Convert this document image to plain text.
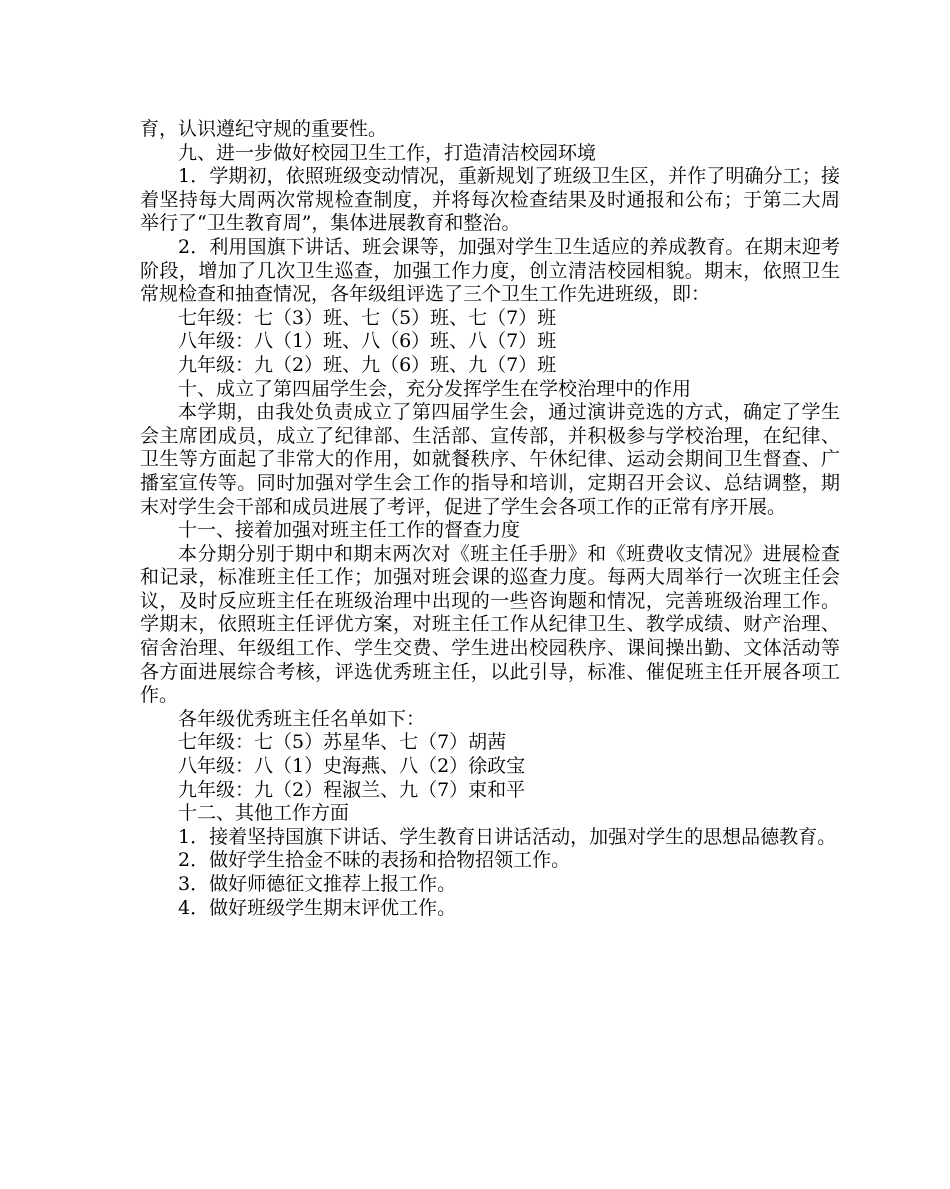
育，认识遵纪守规的重要性。

九、进一步做好校园卫生工作，打造清洁校园环境

1．学期初，依照班级变动情况，重新规划了班级卫生区，并作了明确分工；接着坚持每大周两次常规检查制度，并将每次检查结果及时通报和公布；于第二大周举行了“卫生教育周”，集体进展教育和整治。

2．利用国旗下讲话、班会课等，加强对学生卫生适应的养成教育。在期末迎考阶段，增加了几次卫生巡查，加强工作力度，创立清洁校园相貌。期末，依照卫生常规检查和抽查情况，各年级组评选了三个卫生工作先进班级，即：

七年级：七（3）班、七（5）班、七（7）班

八年级：八（1）班、八（6）班、八（7）班

九年级：九（2）班、九（6）班、九（7）班

十、成立了第四届学生会，充分发挥学生在学校治理中的作用

本学期，由我处负责成立了第四届学生会，通过演讲竞选的方式，确定了学生会主席团成员，成立了纪律部、生活部、宣传部，并积极参与学校治理，在纪律、卫生等方面起了非常大的作用，如就餐秩序、午休纪律、运动会期间卫生督查、广播室宣传等。同时加强对学生会工作的指导和培训，定期召开会议、总结调整，期末对学生会干部和成员进展了考评，促进了学生会各项工作的正常有序开展。

十一、接着加强对班主任工作的督查力度

本分期分别于期中和期末两次对《班主任手册》和《班费收支情况》进展检查和记录，标准班主任工作；加强对班会课的巡查力度。每两大周举行一次班主任会议，及时反应班主任在班级治理中出现的一些咨询题和情况，完善班级治理工作。学期末，依照班主任评优方案，对班主任工作从纪律卫生、教学成绩、财产治理、宿舍治理、年级组工作、学生交费、学生进出校园秩序、课间操出勤、文体活动等各方面进展综合考核，评选优秀班主任，以此引导，标准、催促班主任开展各项工作。

各年级优秀班主任名单如下：

七年级：七（5）苏星华、七（7）胡茜

八年级：八（1）史海燕、八（2）徐政宝

九年级：九（2）程淑兰、九（7）束和平

十二、其他工作方面

1．接着坚持国旗下讲话、学生教育日讲话活动，加强对学生的思想品德教育。

2．做好学生拾金不昧的表扬和拾物招领工作。

3．做好师德征文推荐上报工作。

4．做好班级学生期末评优工作。
